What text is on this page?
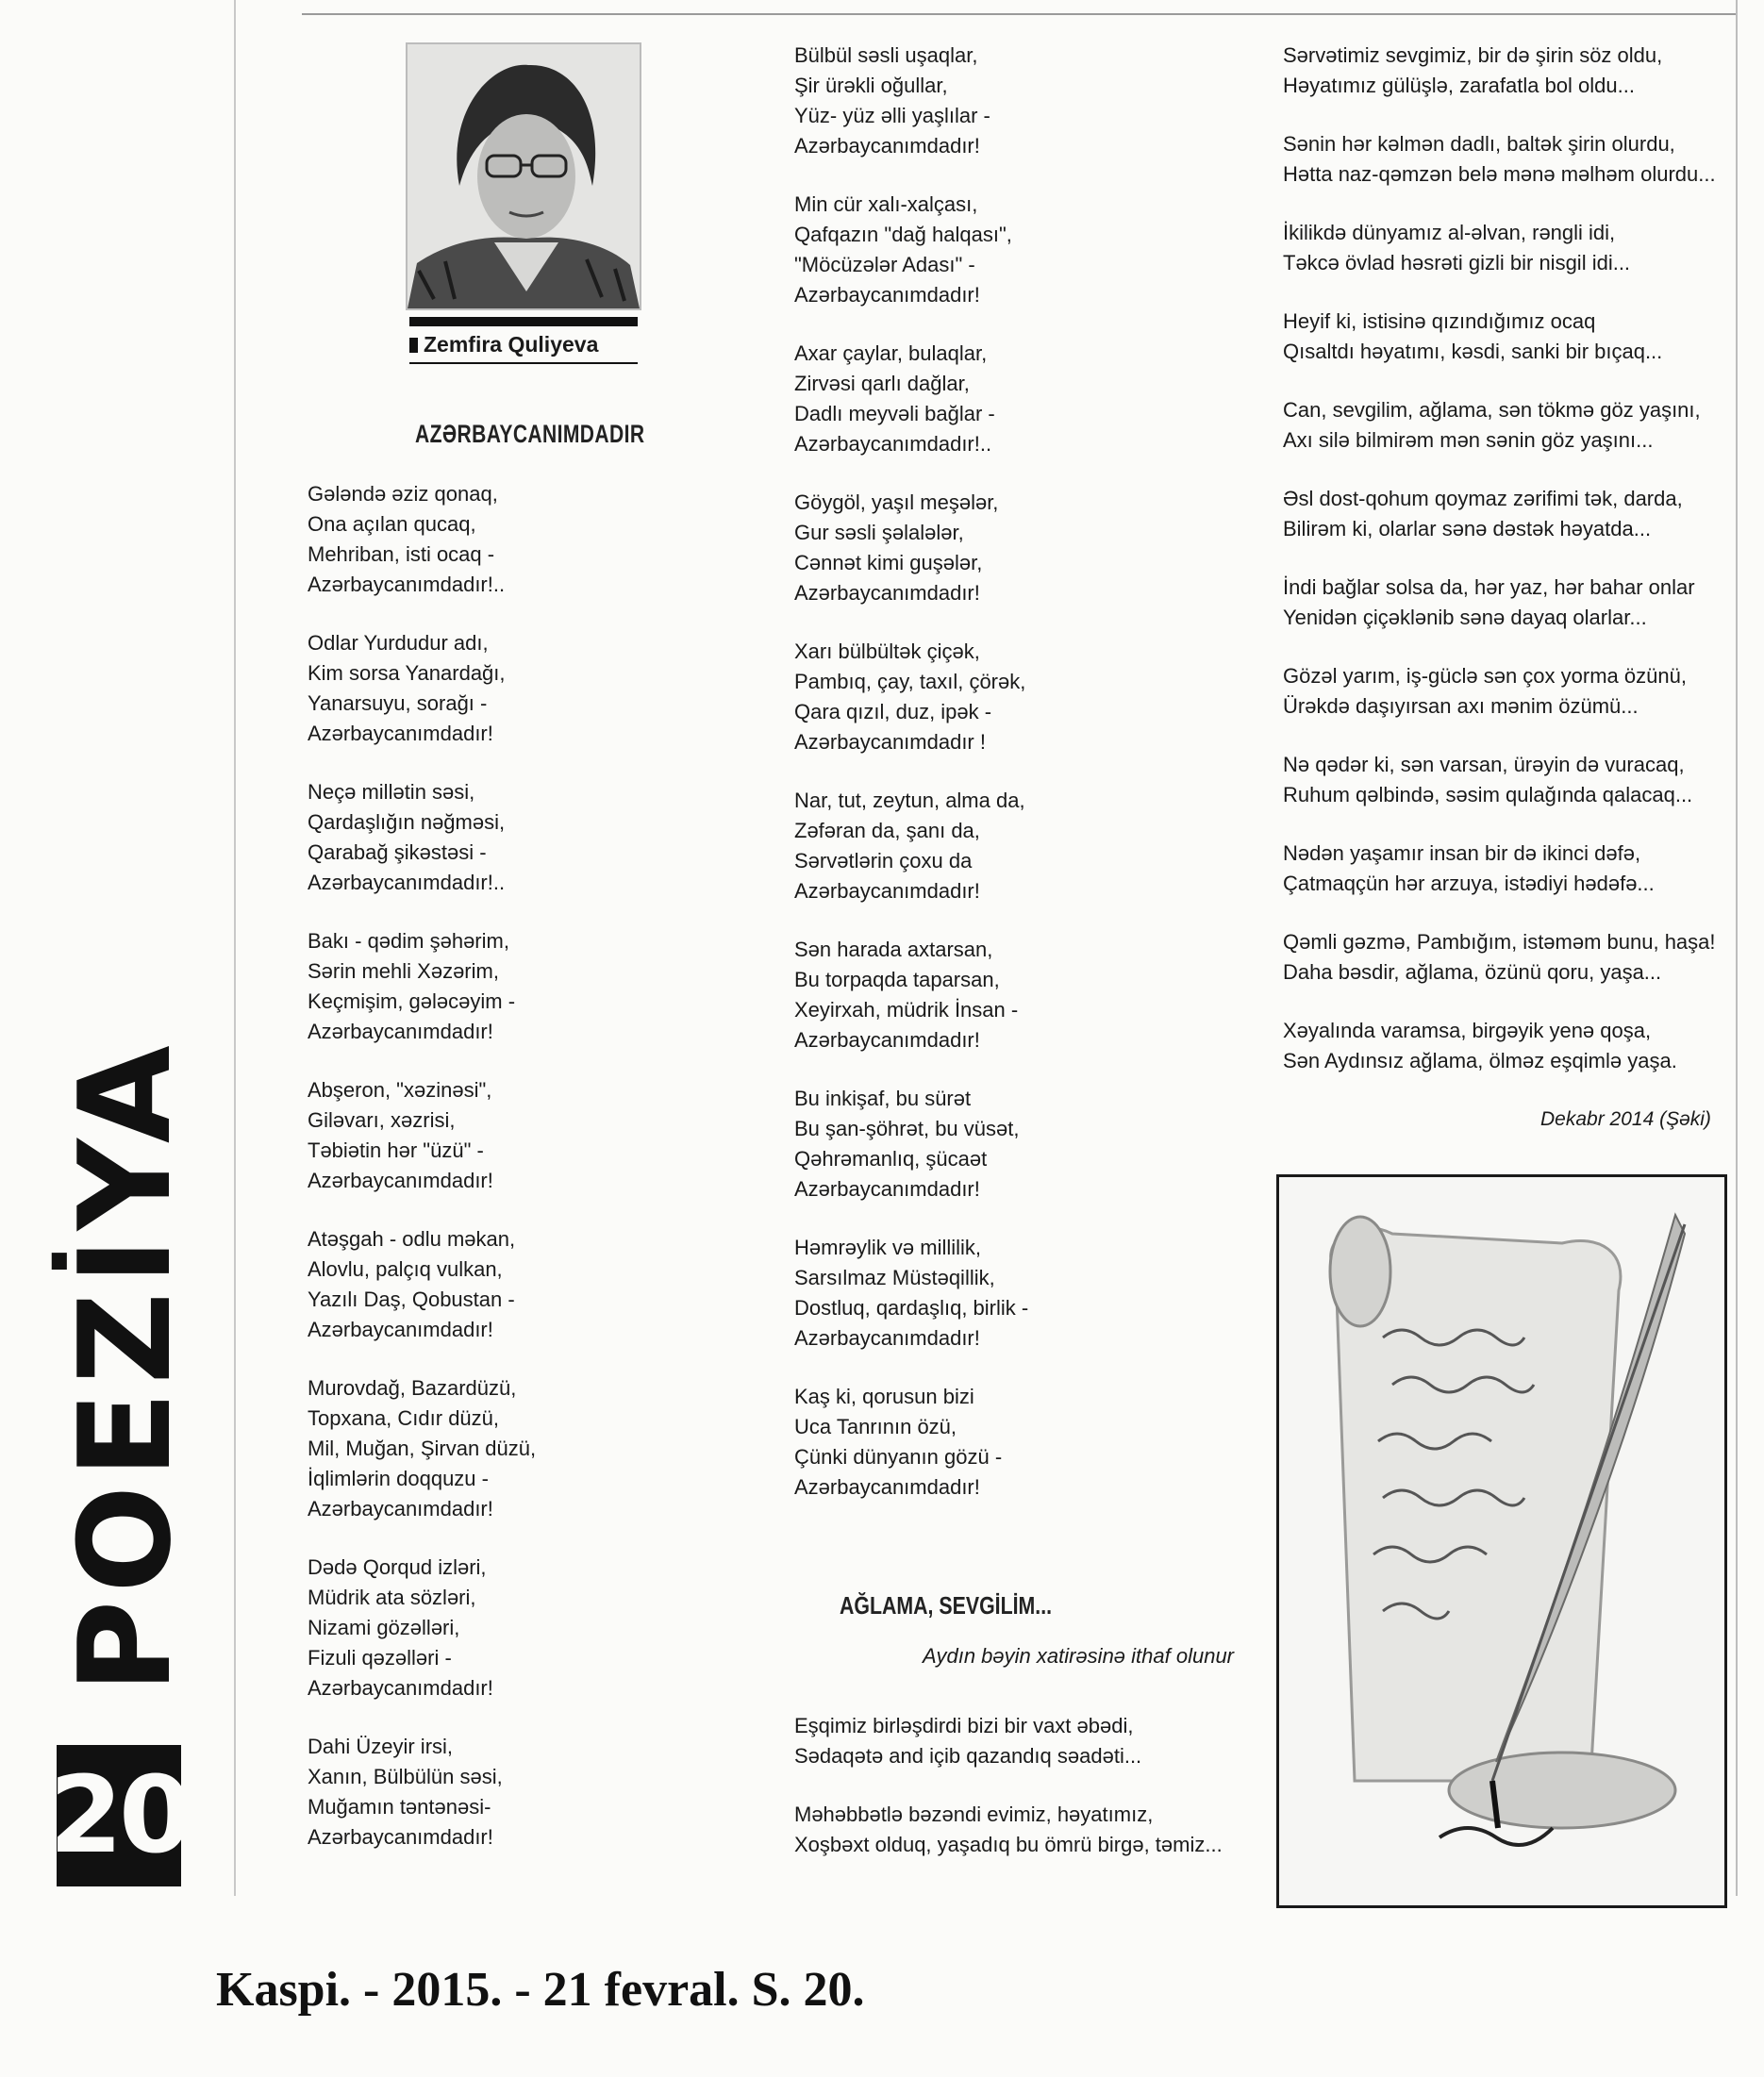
POEZİYA
20
Zemfira Quliyeva
AZƏRBAYCANIMDADIR
Gələndə əziz qonaq,
Ona açılan qucaq,
Mehriban, isti ocaq -
Azərbaycanımdadır!..
Odlar Yurdudur adı,
Kim sorsa Yanardağı,
Yanarsuyu, sorağı -
Azərbaycanımdadır!
Neçə millətin səsi,
Qardaşlığın nəğməsi,
Qarabağ şikəstəsi -
Azərbaycanımdadır!..
Bakı - qədim şəhərim,
Sərin mehli Xəzərim,
Keçmişim, gələcəyim -
Azərbaycanımdadır!
Abşeron, "xəzinəsi",
Giləvarı, xəzrisi,
Təbiətin hər "üzü" -
Azərbaycanımdadır!
Atəşgah - odlu məkan,
Alovlu, palçıq vulkan,
Yazılı Daş, Qobustan -
Azərbaycanımdadır!
Murovdağ, Bazardüzü,
Topxana, Cıdır düzü,
Mil, Muğan, Şirvan düzü,
İqlimlərin doqquzu -
Azərbaycanımdadır!
Dədə Qorqud izləri,
Müdrik ata sözləri,
Nizami gözəlləri,
Fizuli qəzəlləri -
Azərbaycanımdadır!
Dahi Üzeyir irsi,
Xanın, Bülbülün səsi,
Muğamın təntənəsi-
Azərbaycanımdadır!
Bülbül səsli uşaqlar,
Şir ürəkli oğullar,
Yüz- yüz əlli yaşlılar -
Azərbaycanımdadır!
Min cür xalı-xalçası,
Qafqazın "dağ halqası",
"Möcüzələr Adası" -
Azərbaycanımdadır!
Axar çaylar, bulaqlar,
Zirvəsi qarlı dağlar,
Dadlı meyvəli bağlar -
Azərbaycanımdadır!..
Göygöl, yaşıl meşələr,
Gur səsli şəlalələr,
Cənnət kimi guşələr,
Azərbaycanımdadır!
Xarı bülbültək çiçək,
Pambıq, çay, taxıl, çörək,
Qara qızıl, duz, ipək -
Azərbaycanımdadır !
Nar, tut, zeytun, alma da,
Zəfəran da, şanı da,
Sərvətlərin çoxu da
Azərbaycanımdadır!
Sən harada axtarsan,
Bu torpaqda taparsan,
Xeyirxah, müdrik İnsan -
Azərbaycanımdadır!
Bu inkişaf, bu sürət
Bu şan-şöhrət, bu vüsət,
Qəhrəmanlıq, şücaət
Azərbaycanımdadır!
Həmrəylik və millilik,
Sarsılmaz Müstəqillik,
Dostluq, qardaşlıq, birlik -
Azərbaycanımdadır!
Kaş ki, qorusun bizi
Uca Tanrının özü,
Çünki dünyanın gözü -
Azərbaycanımdadır!
AĞLAMA, SEVGİLİM...
Aydın bəyin xatirəsinə ithaf olunur
Eşqimiz birləşdirdi bizi bir vaxt əbədi,
Sədaqətə and içib qazandıq səadəti...
Məhəbbətlə bəzəndi evimiz, həyatımız,
Xoşbəxt olduq, yaşadıq bu ömrü birgə, təmiz...
Sərvətimiz sevgimiz, bir də şirin söz oldu,
Həyatımız gülüşlə, zarafatla bol oldu...
Sənin hər kəlmən dadlı, baltək şirin olurdu,
Hətta naz-qəmzən belə mənə məlhəm olurdu...
İkilikdə dünyamız al-əlvan, rəngli idi,
Təkcə övlad həsrəti gizli bir nisgil idi...
Heyif ki, istisinə qızındığımız ocaq
Qısaltdı həyatımı, kəsdi, sanki bir bıçaq...
Can, sevgilim, ağlama, sən tökmə göz yaşını,
Axı silə bilmirəm mən sənin göz yaşını...
Əsl dost-qohum qoymaz zərifimi tək, darda,
Bilirəm ki, olarlar sənə dəstək həyatda...
İndi bağlar solsa da, hər yaz, hər bahar onlar
Yenidən çiçəklənib sənə dayaq olarlar...
Gözəl yarım, iş-güclə sən çox yorma özünü,
Ürəkdə daşıyırsan axı mənim özümü...
Nə qədər ki, sən varsan, ürəyin də vuracaq,
Ruhum qəlbində, səsim qulağında qalacaq...
Nədən yaşamır insan bir də ikinci dəfə,
Çatmaqçün hər arzuya, istədiyi hədəfə...
Qəmli gəzmə, Pambığım, istəməm bunu, haşa!
Daha bəsdir, ağlama, özünü qoru, yaşa...
Xəyalında varamsa, birgəyik yenə qoşa,
Sən Aydınsız ağlama, ölməz eşqimlə yaşa.
Dekabr 2014 (Şəki)
Kaspi. - 2015. - 21 fevral. S. 20.
